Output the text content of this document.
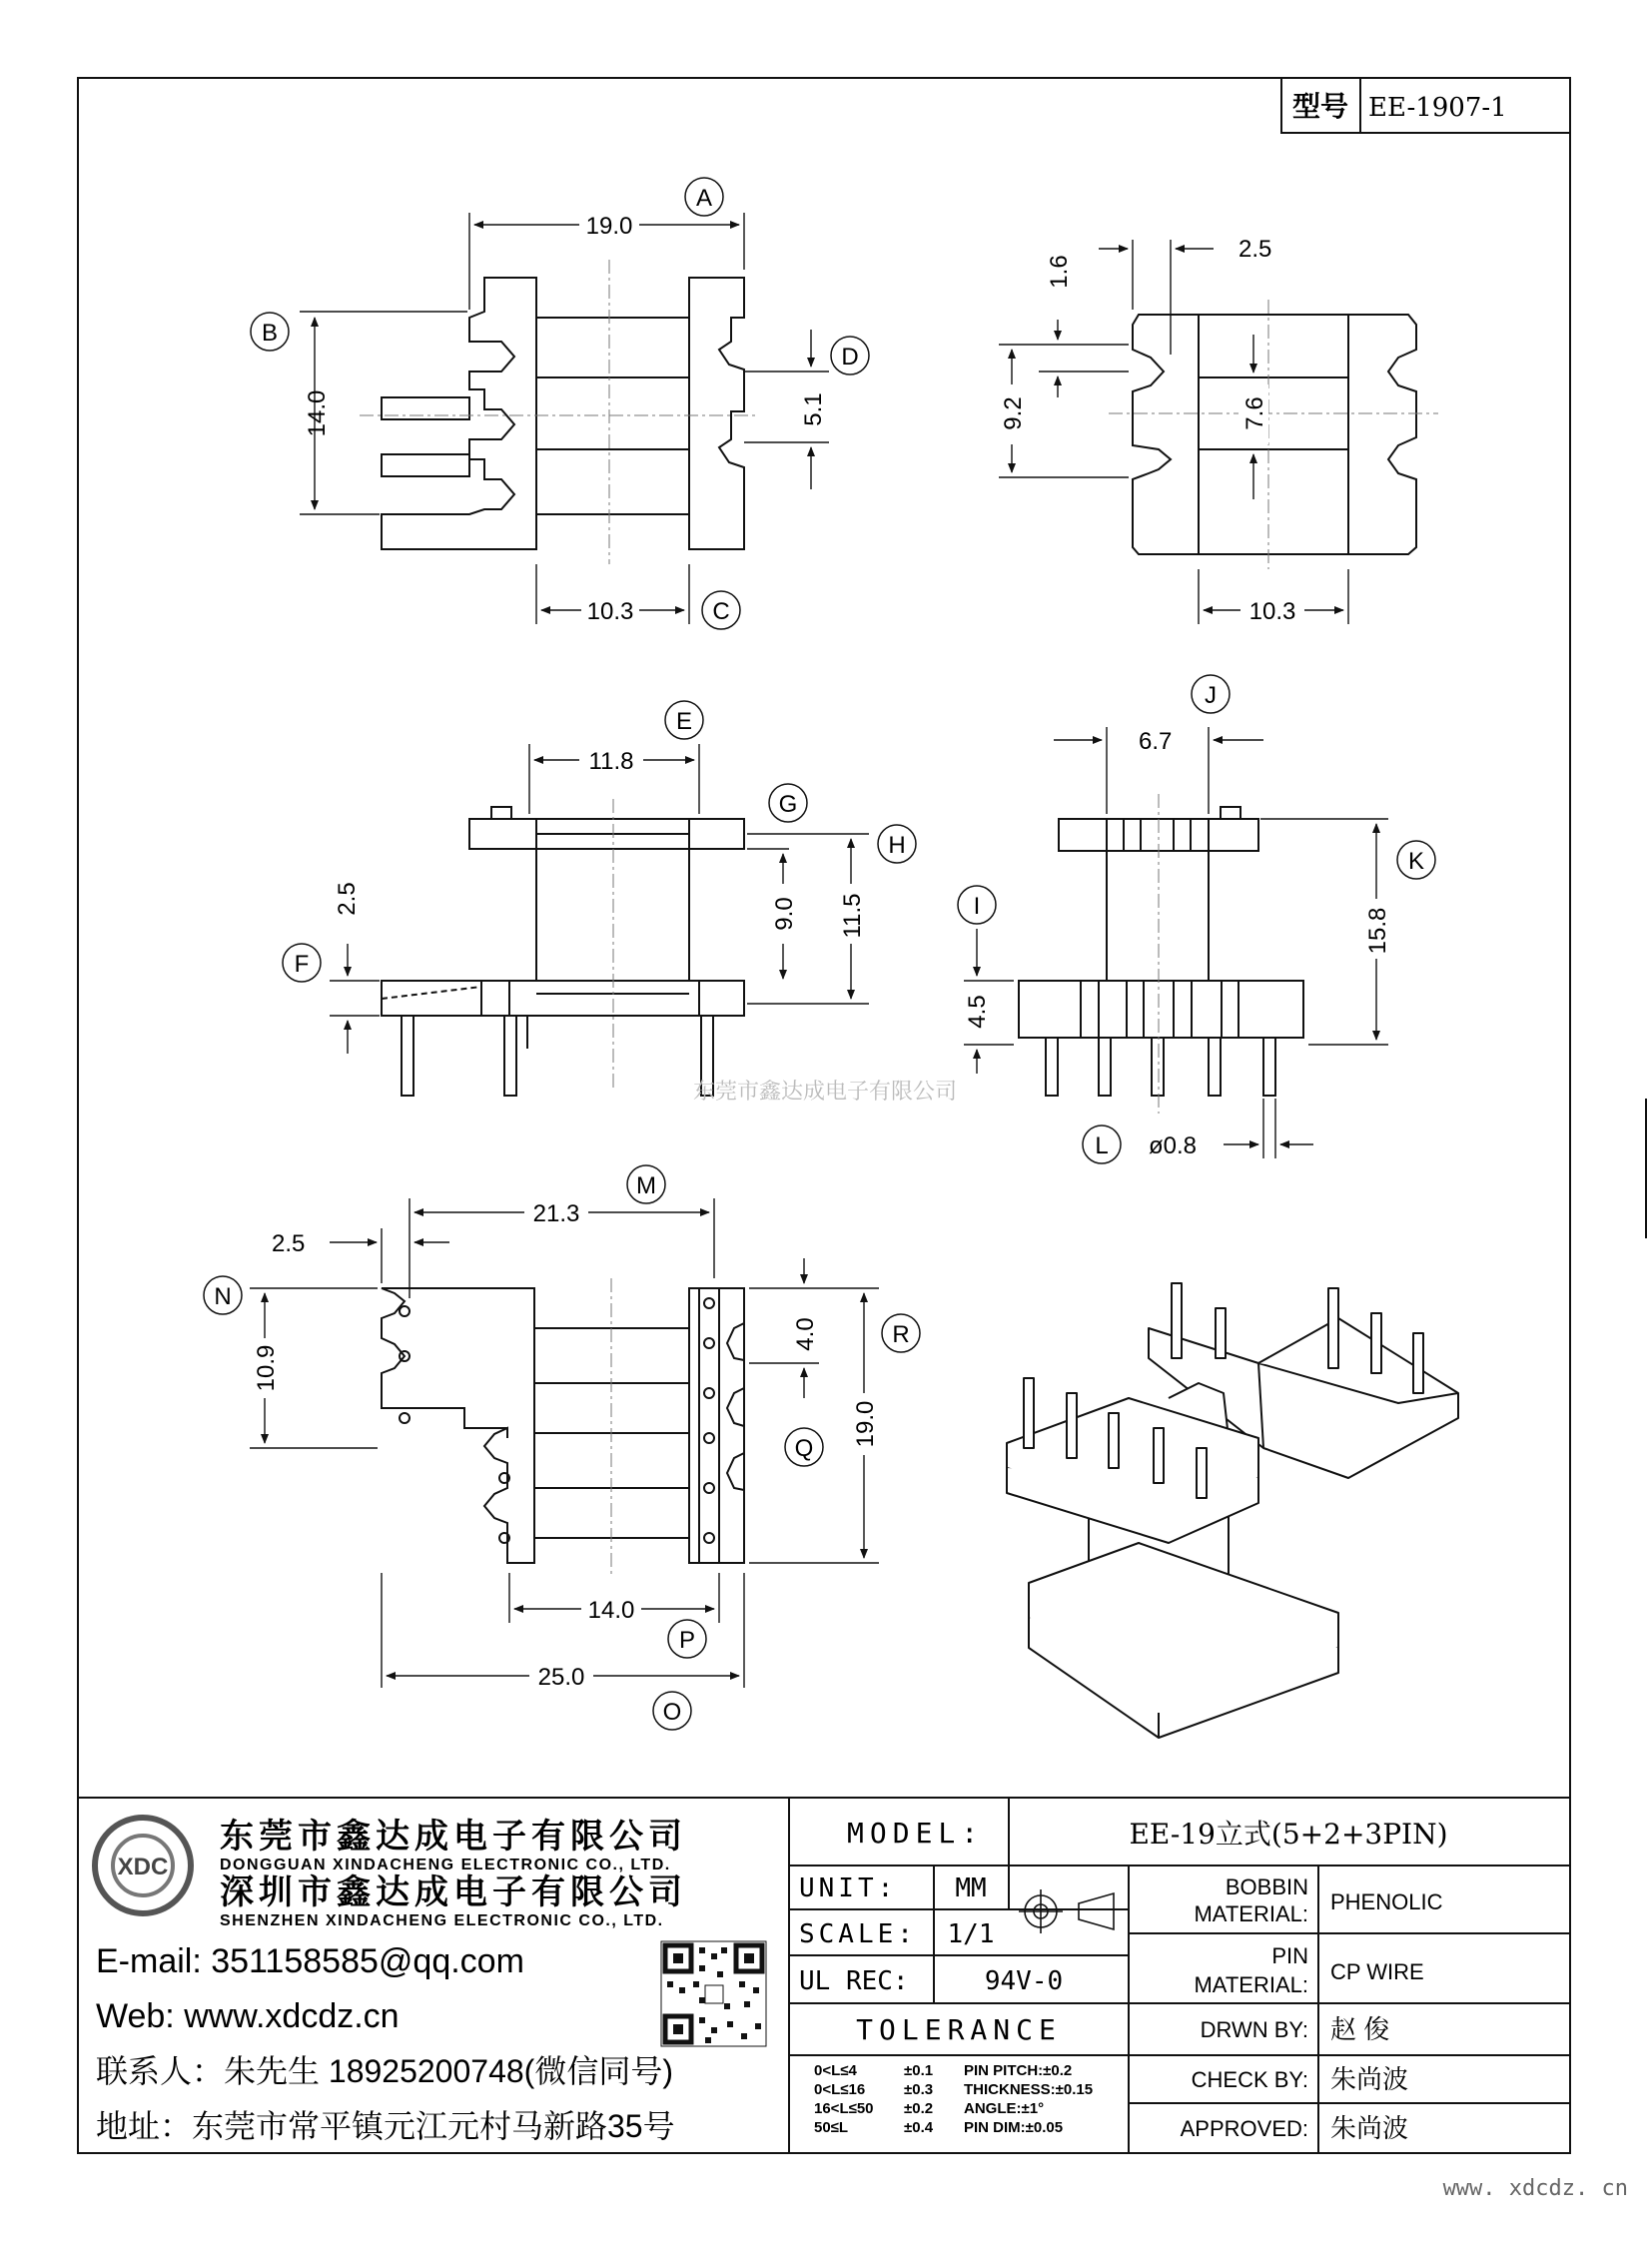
型号 EE-1907-1
19.0
14.0	5.1
10.3
A
B
C
D
2.5
1.6
9.2	7.6
10.3
11.8
2.5	9.0 11.5
E
F
G
H
6.7
4.5
15.8
ø0.8
I
J
K
L
东莞市鑫达成电子有限公司
21.3
2.5
10.9
4.0
19.0
14.0
25.0
M
N
O
P
Q
R
XDC
东莞市鑫达成电子有限公司
DONGGUAN XINDACHENG ELECTRONIC CO., LTD.
深圳市鑫达成电子有限公司
SHENZHEN XINDACHENG ELECTRONIC CO., LTD.
E-mail: 351158585@qq.com
Web: www.xdcdz.cn
联系人：朱先生 18925200748(微信同号)
地址：东莞市常平镇元江元村马新路35号
MODEL:	EE-19立式(5+2+3PIN)
UNIT: MM
SCALE: 1/1
UL REC:	94V-0
TOLERANCE
0<L≤4	±0.1 PIN PITCH:±0.2
0<L≤16	±0.3 THICKNESS:±0.15
16<L≤50 ±0.2 ANGLE:±1°
50≤L	±0.4 PIN DIM:±0.05
BOBBIN
MATERIAL: PHENOLIC
PIN
MATERIAL:
CP WIRE
DRWN BY: 赵 俊
CHECK BY: 朱尚波
APPROVED: 朱尚波
www. xdcdz. cn
